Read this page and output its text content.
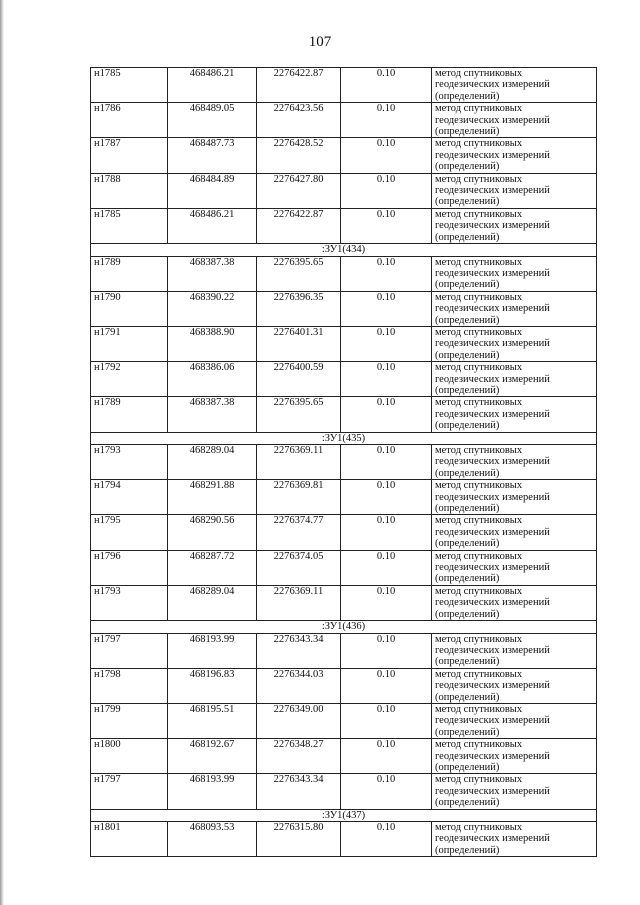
107
н1785	468486.21	2276422.87	0.10	метод спутниковых
геодезических измерений
(определений)

н1786	468489.05	2276423.56	0.10	метод спутниковых
геодезических измерений
(определений)

н1787	468487.73	2276428.52	0.10	метод спутниковых
геодезических измерений
(определений)

н1788	468484.89	2276427.80	0.10	метод спутниковых
геодезических измерений
(определений)

н1785	468486.21	2276422.87	0.10	метод спутниковых
геодезических измерений
(определений)

:ЗУ1(434)				
н1789	468387.38	2276395.65	0.10	метод спутниковых
геодезических измерений
(определений)

н1790	468390.22	2276396.35	0.10	метод спутниковых
геодезических измерений
(определений)

н1791	468388.90	2276401.31	0.10	метод спутниковых
геодезических измерений
(определений)

н1792	468386.06	2276400.59	0.10	метод спутниковых
геодезических измерений
(определений)

н1789	468387.38	2276395.65	0.10	метод спутниковых
геодезических измерений
(определений)

:ЗУ1(435)				
н1793	468289.04	2276369.11	0.10	метод спутниковых
геодезических измерений
(определений)

н1794	468291.88	2276369.81	0.10	метод спутниковых
геодезических измерений
(определений)

н1795	468290.56	2276374.77	0.10	метод спутниковых
геодезических измерений
(определений)

н1796	468287.72	2276374.05	0.10	метод спутниковых
геодезических измерений
(определений)

н1793	468289.04	2276369.11	0.10	метод спутниковых
геодезических измерений
(определений)

:ЗУ1(436)				
н1797	468193.99	2276343.34	0.10	метод спутниковых
геодезических измерений
(определений)

н1798	468196.83	2276344.03	0.10	метод спутниковых
геодезических измерений
(определений)

н1799	468195.51	2276349.00	0.10	метод спутниковых
геодезических измерений
(определений)

н1800	468192.67	2276348.27	0.10	метод спутниковых
геодезических измерений
(определений)

н1797	468193.99	2276343.34	0.10	метод спутниковых
геодезических измерений
(определений)

:ЗУ1(437)				
н1801	468093.53	2276315.80	0.10	метод спутниковых
геодезических измерений
(определений)
